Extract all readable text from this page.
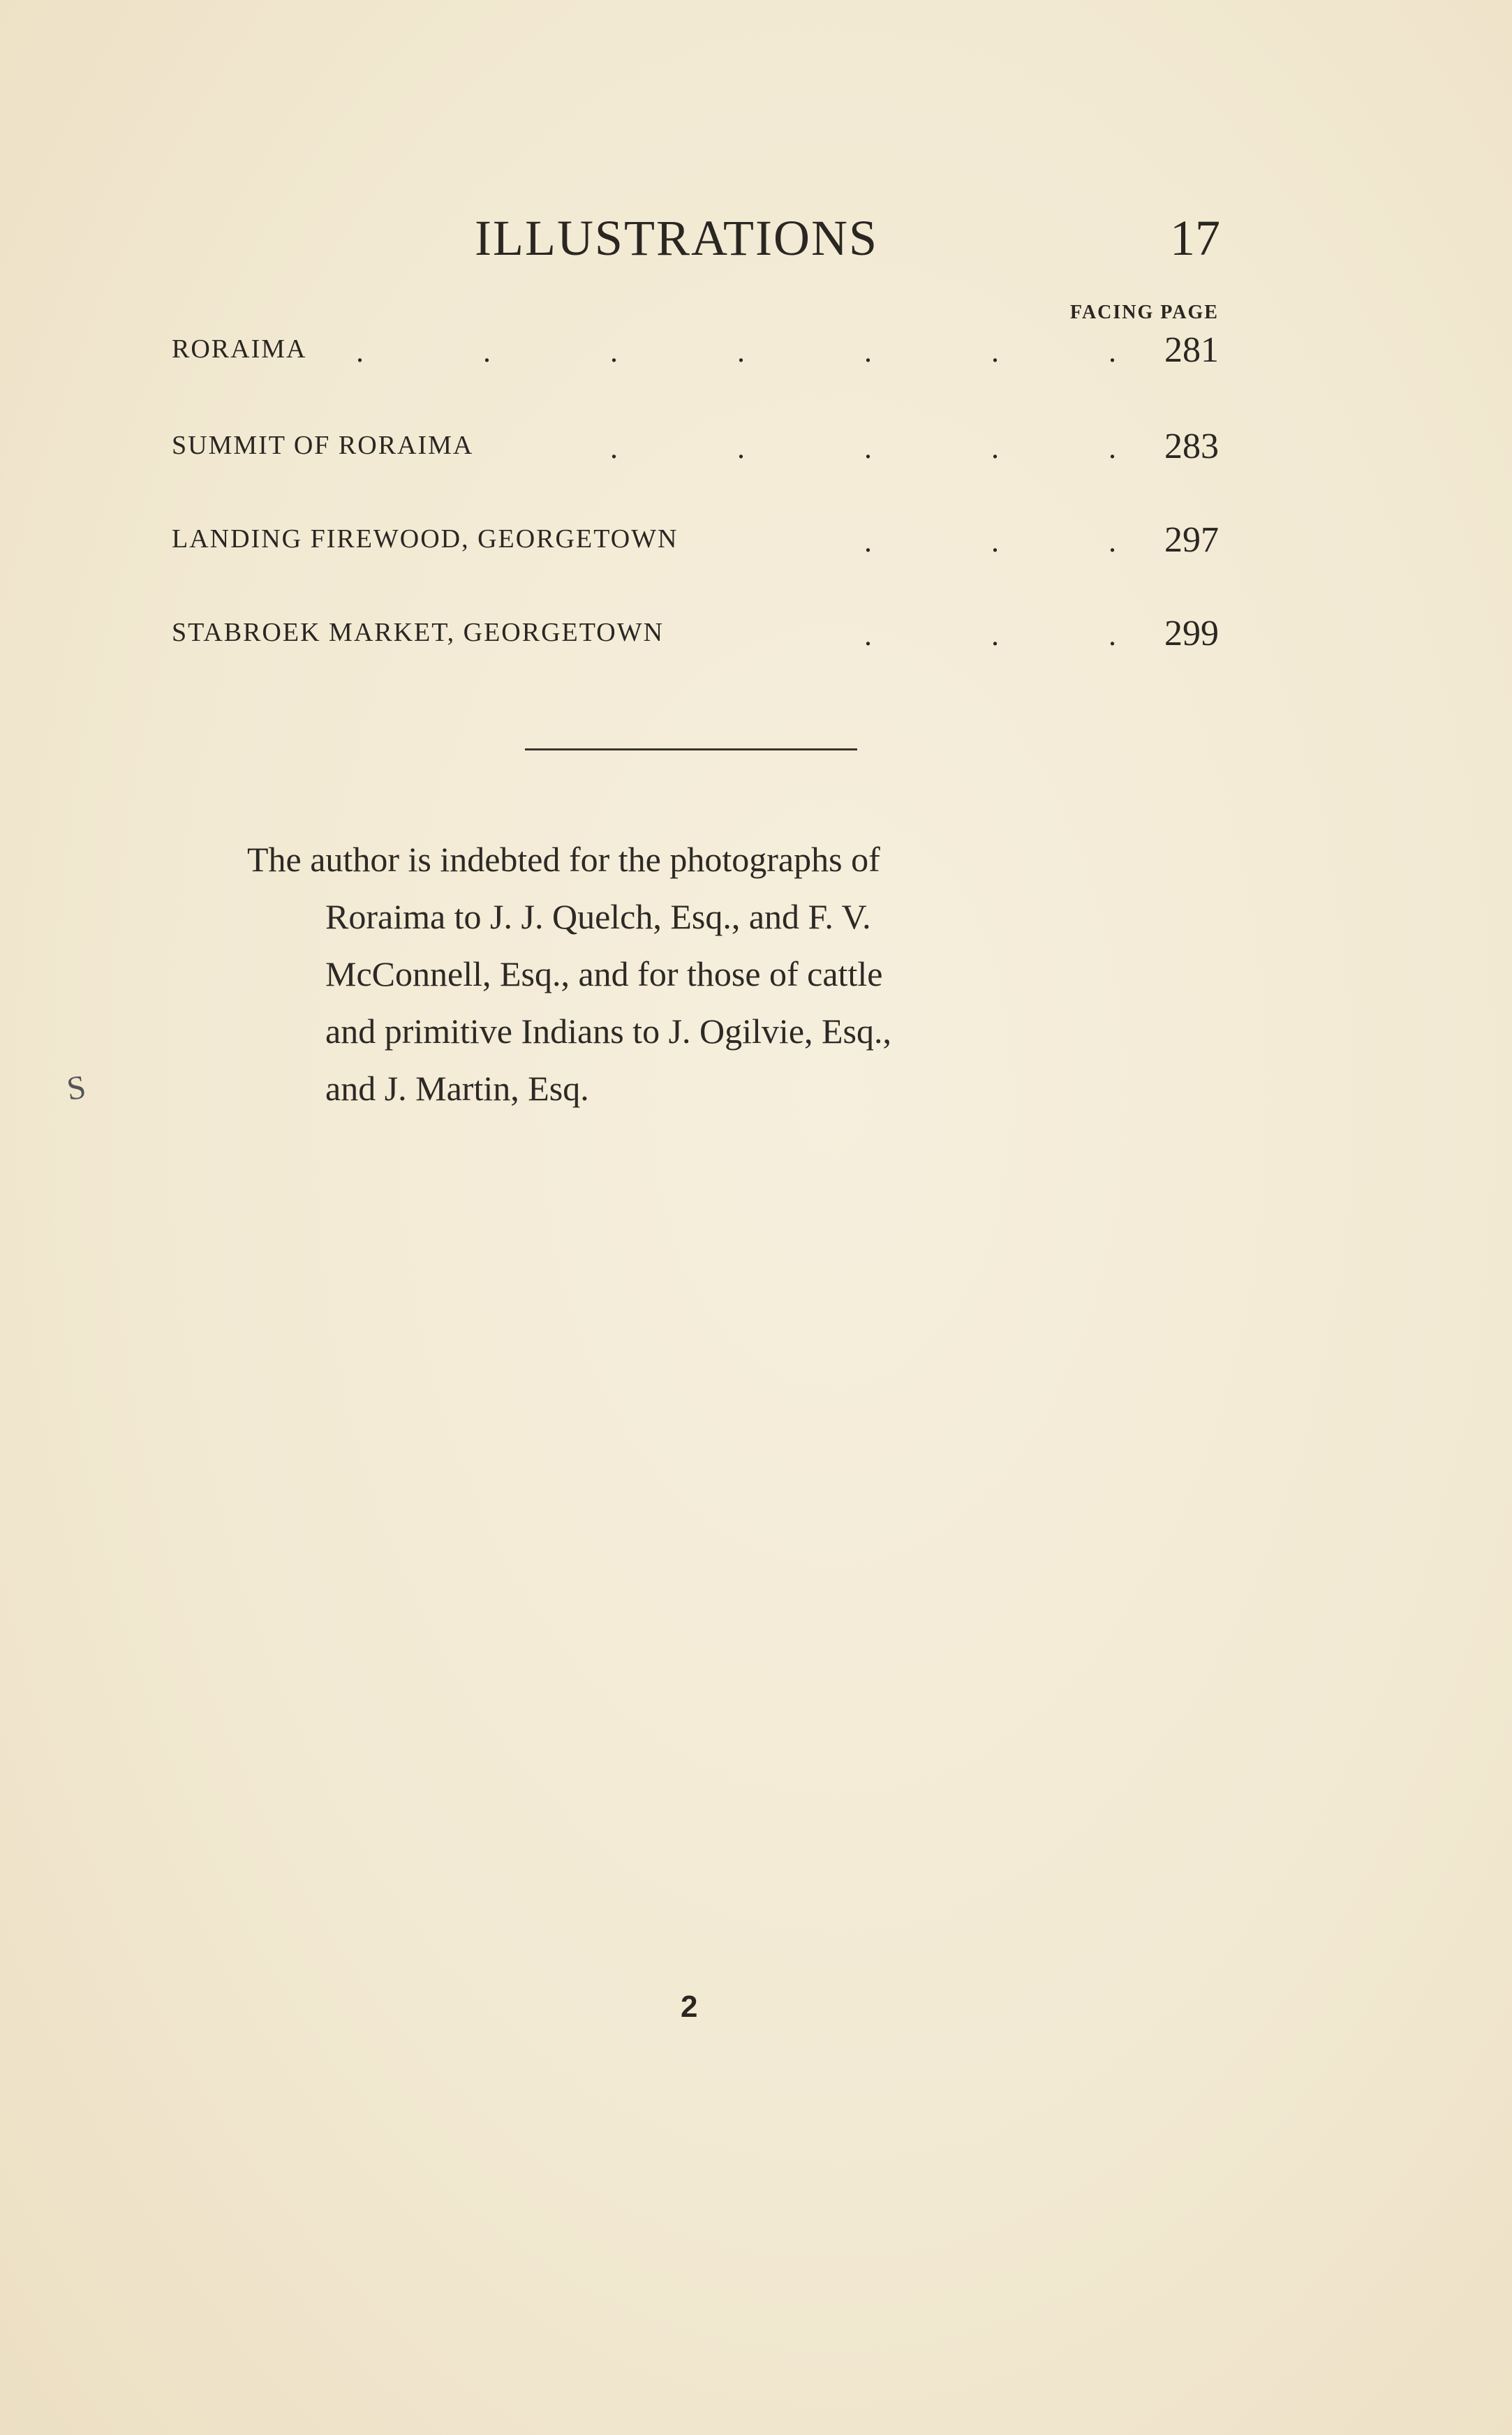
ILLUSTRATIONS	17
FACING PAGE
RORAIMA .	.	.	.	.	.	. 281
SUMMIT OF RORAIMA	.	.	.	.	. 283
LANDING FIREWOOD, GEORGETOWN	.	.	. 297
STABROEK MARKET, GEORGETOWN	.	.	. 299
The author is indebted for the photographs of
Roraima to J. J. Quelch, Esq., and F. V.
McConnell, Esq., and for those of cattle
and primitive Indians to J. Ogilvie, Esq.,
and J. Martin, Esq.
S
2
